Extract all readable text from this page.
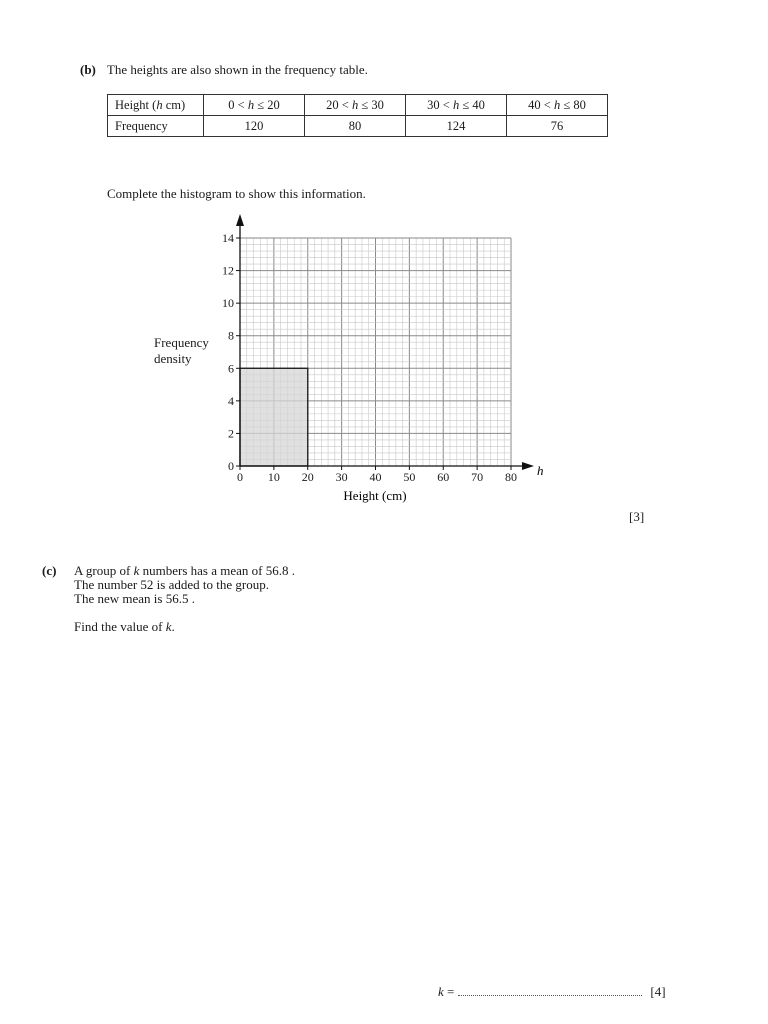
(b) The heights are also shown in the frequency table.
Height (h cm)	0 < h ≤ 20	20 < h ≤ 30	30 < h ≤ 40	40 < h ≤ 80
Frequency	120	80	124	76
Complete the histogram to show this information.
Frequency
density
0
2
4
6
8
10
12
14
0 10 20 30 40 50 60 70 80
Height (cm)
h
[3]
(c) A group of k numbers has a mean of 56.8 .
The number 52 is added to the group.
The new mean is 56.5 .
Find the value of k.
k =	[4]
